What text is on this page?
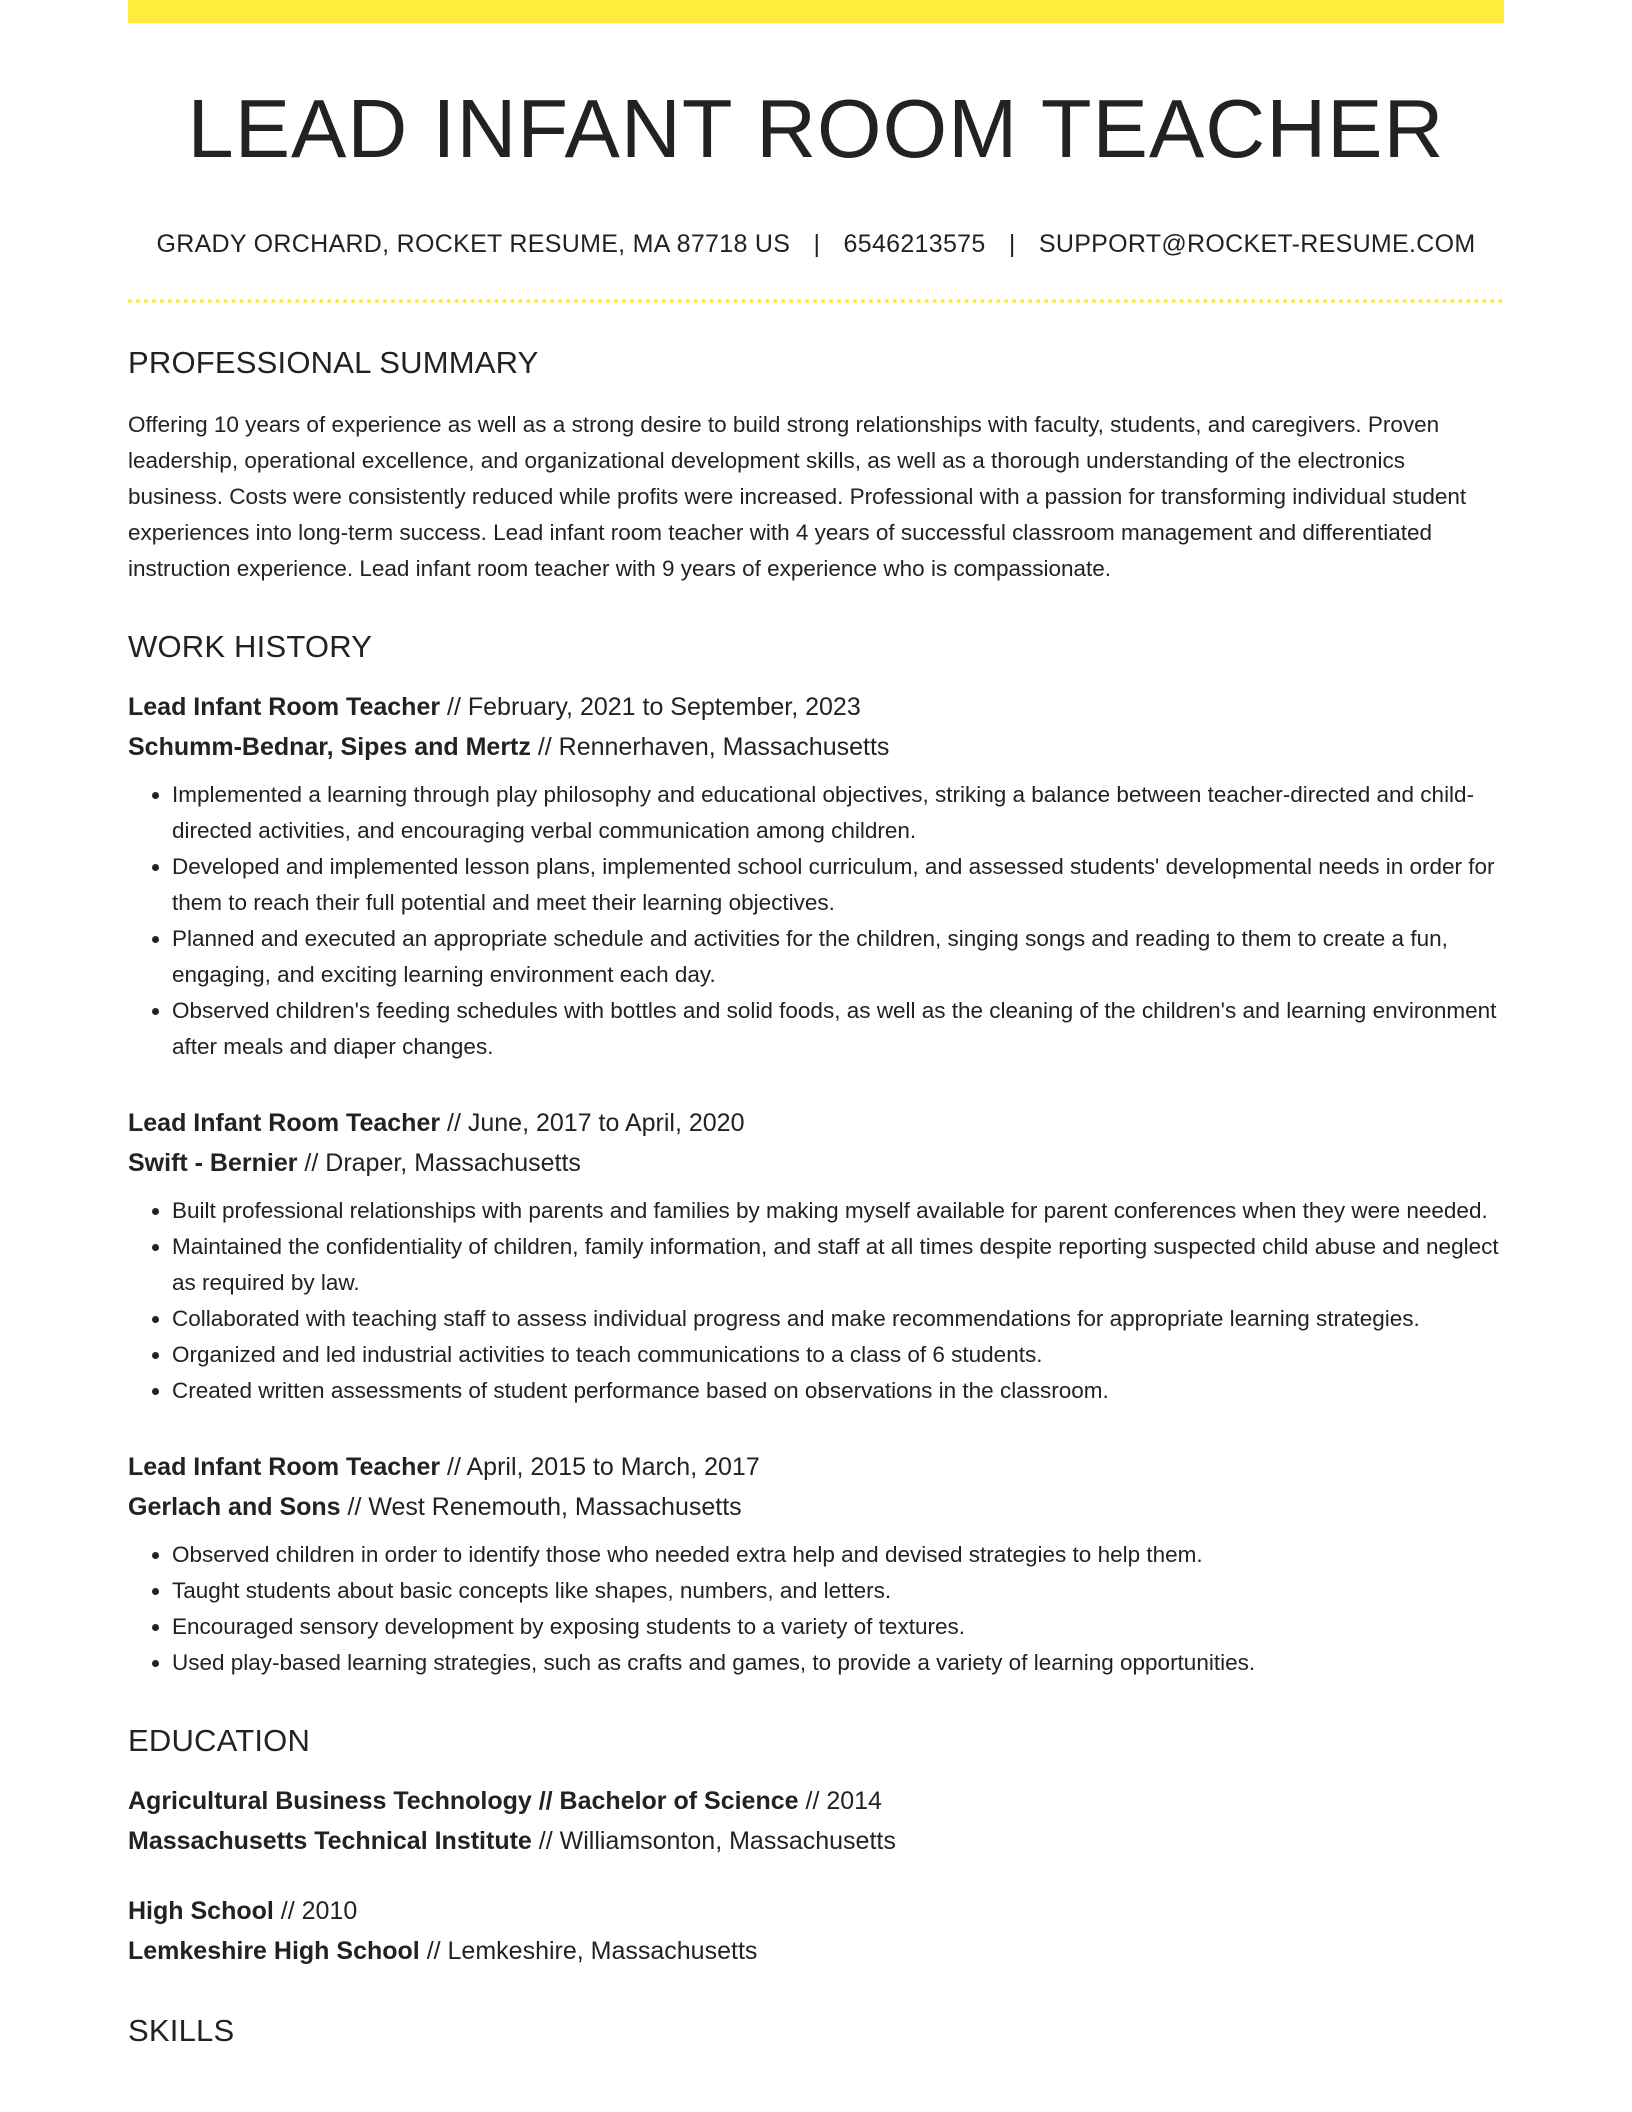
LEAD INFANT ROOM TEACHER
GRADY ORCHARD, ROCKET RESUME, MA 87718 US | 6546213575 | SUPPORT@ROCKET-RESUME.COM
PROFESSIONAL SUMMARY

Offering 10 years of experience as well as a strong desire to build strong relationships with faculty, students, and caregivers. Proven leadership, operational excellence, and organizational development skills, as well as a thorough understanding of the electronics business. Costs were consistently reduced while profits were increased. Professional with a passion for transforming individual student experiences into long-term success. Lead infant room teacher with 4 years of successful classroom management and differentiated instruction experience. Lead infant room teacher with 9 years of experience who is compassionate.

WORK HISTORY
Lead Infant Room Teacher // February, 2021 to September, 2023
Schumm-Bednar, Sipes and Mertz // Rennerhaven, Massachusetts
• Implemented a learning through play philosophy and educational objectives, striking a balance between teacher-directed and child-directed activities, and encouraging verbal communication among children.
• Developed and implemented lesson plans, implemented school curriculum, and assessed students' developmental needs in order for them to reach their full potential and meet their learning objectives.
• Planned and executed an appropriate schedule and activities for the children, singing songs and reading to them to create a fun, engaging, and exciting learning environment each day.
• Observed children's feeding schedules with bottles and solid foods, as well as the cleaning of the children's and learning environment after meals and diaper changes.
Lead Infant Room Teacher // June, 2017 to April, 2020
Swift - Bernier // Draper, Massachusetts
• Built professional relationships with parents and families by making myself available for parent conferences when they were needed.
• Maintained the confidentiality of children, family information, and staff at all times despite reporting suspected child abuse and neglect as required by law.
• Collaborated with teaching staff to assess individual progress and make recommendations for appropriate learning strategies.
• Organized and led industrial activities to teach communications to a class of 6 students.
• Created written assessments of student performance based on observations in the classroom.
Lead Infant Room Teacher // April, 2015 to March, 2017
Gerlach and Sons // West Renemouth, Massachusetts
• Observed children in order to identify those who needed extra help and devised strategies to help them.
• Taught students about basic concepts like shapes, numbers, and letters.
• Encouraged sensory development by exposing students to a variety of textures.
• Used play-based learning strategies, such as crafts and games, to provide a variety of learning opportunities.
EDUCATION
Agricultural Business Technology // Bachelor of Science // 2014
Massachusetts Technical Institute // Williamsonton, Massachusetts
High School // 2010
Lemkeshire High School // Lemkeshire, Massachusetts
SKILLS
